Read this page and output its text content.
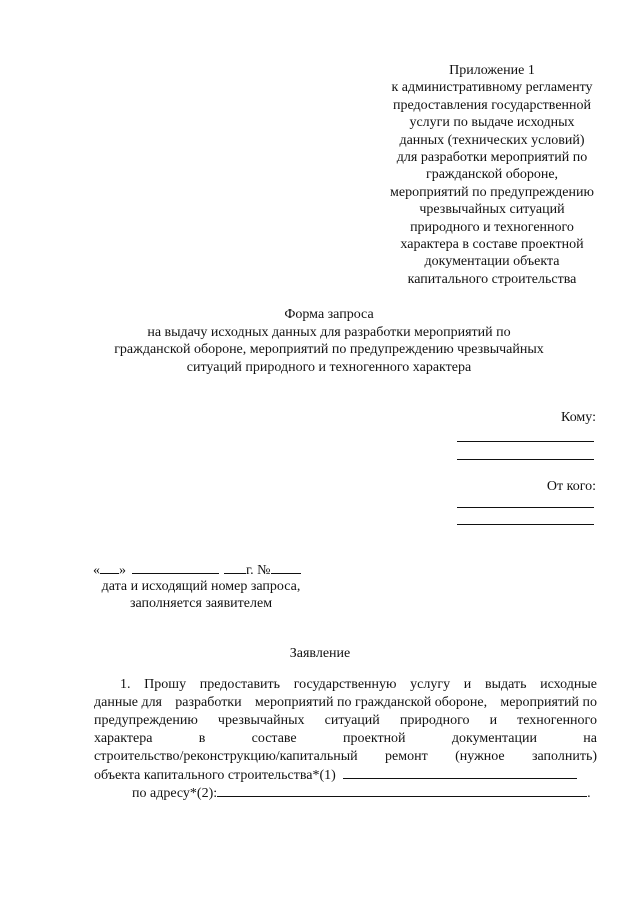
Приложение 1
к административному регламенту
предоставления государственной
услуги по выдаче исходных
данных (технических условий)
для разработки мероприятий по
гражданской обороне,
мероприятий по предупреждению
чрезвычайных ситуаций
природного и техногенного
характера в составе проектной
документации объекта
капитального строительства
Форма запроса
на выдачу исходных данных для разработки мероприятий по
гражданской обороне, мероприятий по предупреждению чрезвычайных
ситуаций природного и техногенного характера
Кому:
От кого:
« »	г. №
дата и исходящий номер запроса,
заполняется заявителем
Заявление
1. Прошу предоставить государственную услугу и выдать исходные
данные для разработки мероприятий по гражданской обороне, мероприятий по
предупреждению чрезвычайных ситуаций природного и техногенного
характера	в	составе	проектной	документации	на
строительство/реконструкцию/капитальный ремонт (нужное заполнить)
объекта капитального строительства*(1)
по адресу*(2):	.
